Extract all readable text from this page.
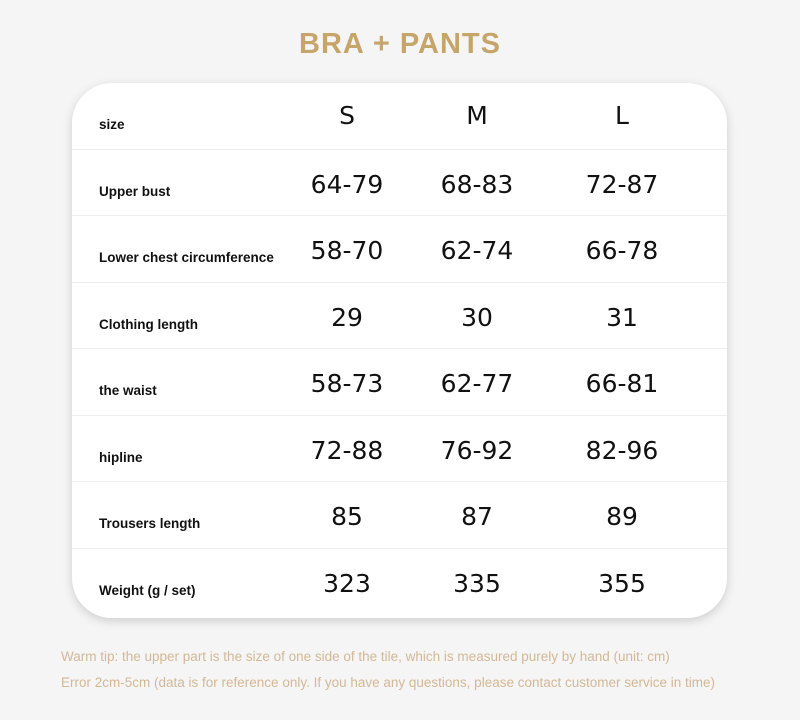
BRA + PANTS
size	S	M	L
Upper bust	64-79	68-83	72-87
Lower chest circumference	58-70	62-74	66-78
Clothing length	29	30	31
the waist	58-73	62-77	66-81
hipline	72-88	76-92	82-96
Trousers length	85	87	89
Weight (g / set)	323	335	355
Warm tip: the upper part is the size of one side of the tile, which is measured purely by hand (unit: cm)
Error 2cm-5cm (data is for reference only. If you have any questions, please contact customer service in time)
